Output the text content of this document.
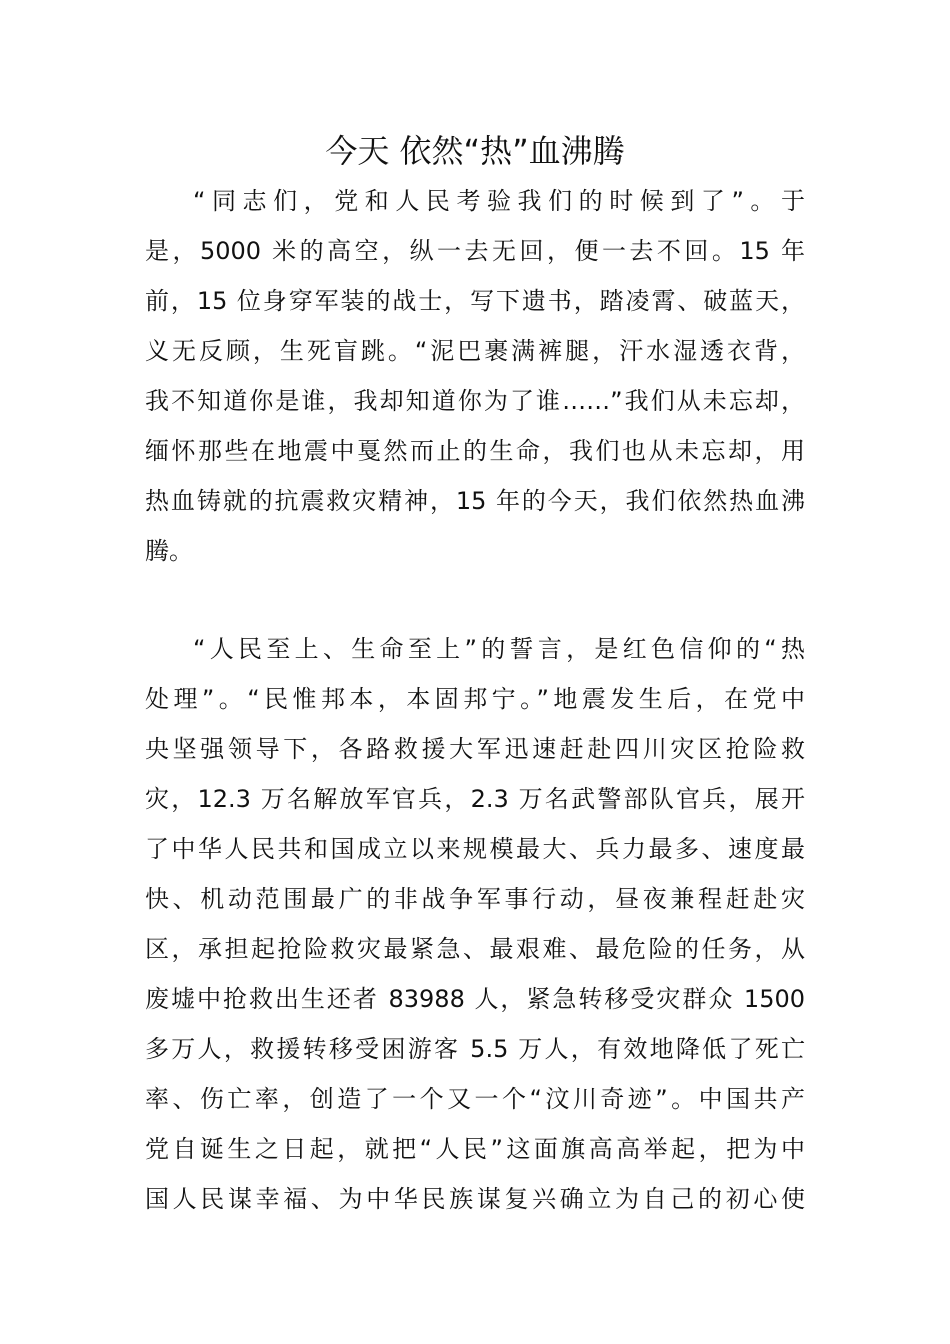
今天 依然“热”血沸腾

“同志们，党和人民考验我们的时候到了”。于

是，5000 米的高空，纵一去无回，便一去不回。15 年

前，15 位身穿军装的战士，写下遗书，踏凌霄、破蓝天，

义无反顾，生死盲跳。“泥巴裹满裤腿，汗水湿透衣背，

我不知道你是谁，我却知道你为了谁……”我们从未忘却，

缅怀那些在地震中戛然而止的生命，我们也从未忘却，用

热血铸就的抗震救灾精神，15 年的今天，我们依然热血沸

腾。

“人民至上、生命至上”的誓言，是红色信仰的“热

处理”。“民惟邦本，本固邦宁。”地震发生后，在党中

央坚强领导下，各路救援大军迅速赶赴四川灾区抢险救

灾，12.3 万名解放军官兵，2.3 万名武警部队官兵，展开

了中华人民共和国成立以来规模最大、兵力最多、速度最

快、机动范围最广的非战争军事行动，昼夜兼程赶赴灾

区，承担起抢险救灾最紧急、最艰难、最危险的任务，从

废墟中抢救出生还者 83988 人，紧急转移受灾群众 1500

多万人，救援转移受困游客 5.5 万人，有效地降低了死亡

率、伤亡率，创造了一个又一个“汶川奇迹”。中国共产

党自诞生之日起，就把“人民”这面旗高高举起，把为中

国人民谋幸福、为中华民族谋复兴确立为自己的初心使
